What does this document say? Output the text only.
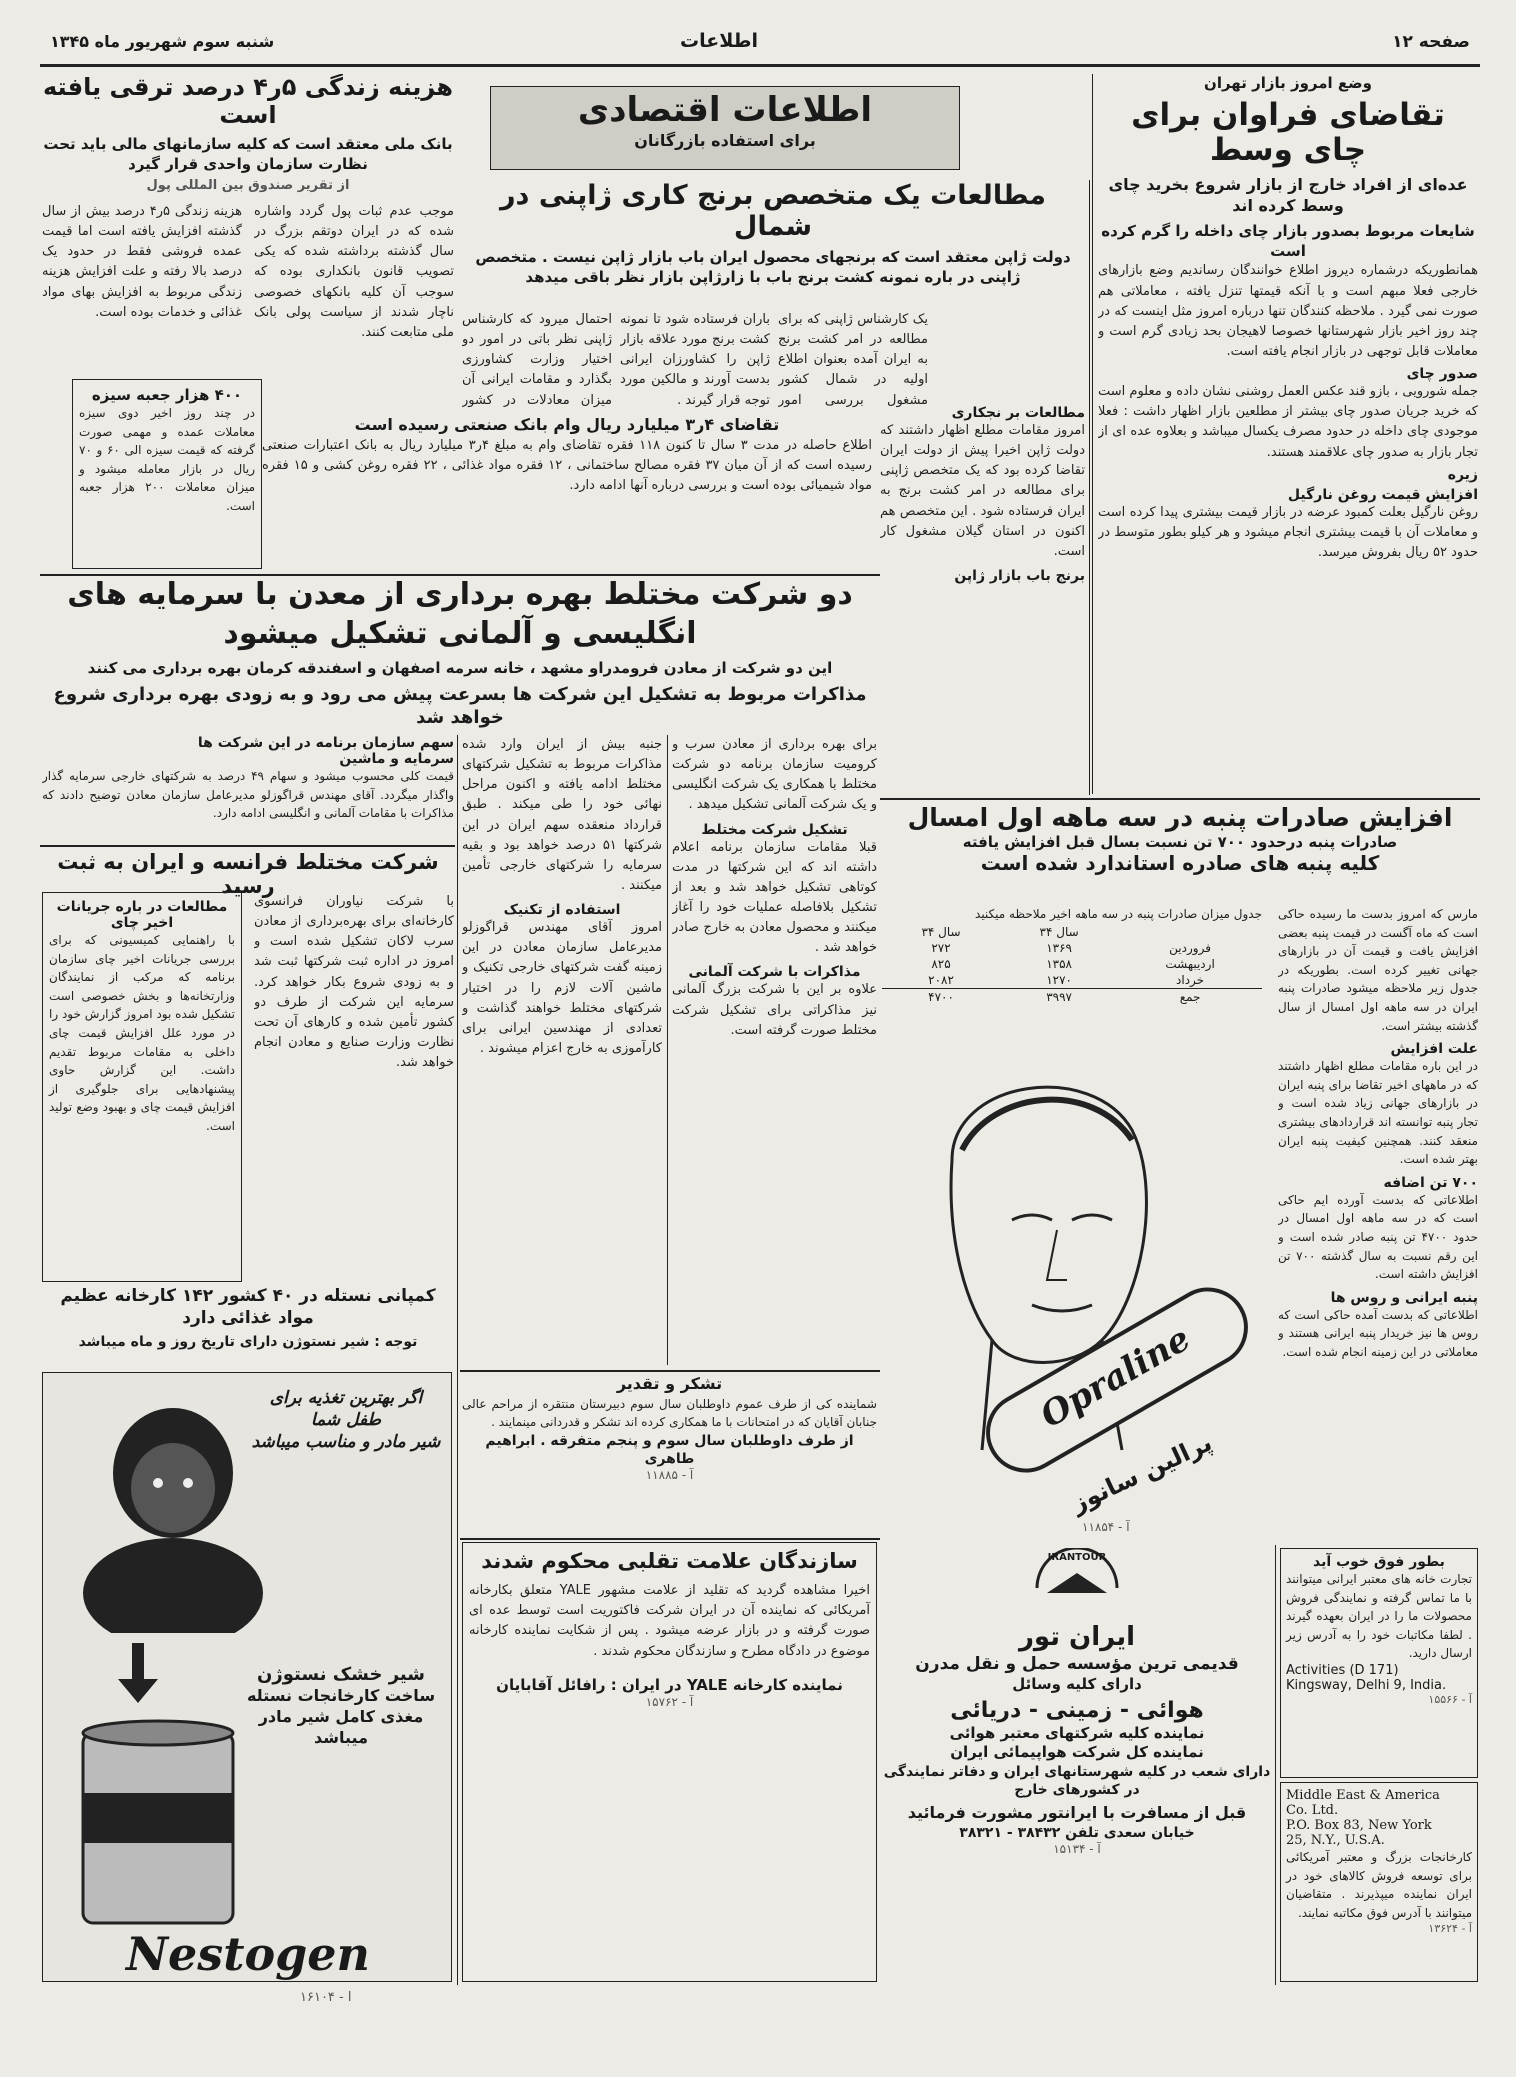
صفحه ۱۲
اطلاعات
شنبه سوم شهریور ماه ۱۳۴۵
وضع امروز بازار تهران
تقاضای فراوان برای چای وسط
عده‌ای از افراد خارج از بازار شروع بخرید چای وسط کرده اند
شایعات مربوط بصدور بازار چای داخله را گرم کرده است
همانطوریکه درشماره دیروز اطلاع خوانندگان رساندیم وضع بازارهای خارجی فعلا مبهم است و با آنکه قیمتها تنزل یافته ، معاملاتی هم صورت نمی گیرد . ملاحظه کنندگان تنها درباره امروز مثل اینست که در چند روز اخیر بازار شهرستانها خصوصا لاهیجان بحد زیادی گرم است و معاملات قابل توجهی در بازار انجام یافته است.
صدور چای
جمله شورویی ، بازو قند عکس العمل روشنی نشان داده و معلوم است که خرید جریان صدور چای بیشتر از مطلعین بازار اظهار داشت : فعلا موجودی چای داخله در حدود مصرف یکسال میباشد و بعلاوه عده ای از تجار بازار به صدور چای علاقمند هستند.
زیره
افزایش قیمت روغن نارگیل
روغن نارگیل بعلت کمبود عرضه در بازار قیمت بیشتری پیدا کرده است و معاملات آن با قیمت بیشتری انجام میشود و هر کیلو بطور متوسط در حدود ۵۲ ریال بفروش میرسد.
هزینه زندگی ۵ر۴ درصد ترقی یافته است
بانک ملی معتقد است که کلیه سازمانهای مالی باید تحت نظارت سازمان واحدی قرار گیرد
از تقریر صندوق بین المللی پول
موجب عدم ثبات پول گردد واشاره شده که در ایران دوتقم بزرگ در سال گذشته برداشته شده که یکی تصویب قانون بانکداری بوده که سوجب آن کلیه بانکهای خصوصی ناچار شدند از سیاست پولی بانک ملی متابعت کنند.
هزینه زندگی ۵ر۴ درصد بیش از سال گذشته افزایش یافته است اما قیمت عمده فروشی فقط در حدود یک درصد بالا رفته و علت افزایش هزینه زندگی مربوط به افزایش بهای مواد غذائی و خدمات بوده است.
۴۰۰ هزار جعبه سیزه
در چند روز اخیر دوی سیزه معاملات عمده و مهمی صورت گرفته که قیمت سیزه الی ۶۰ و ۷۰ ریال در بازار معامله میشود و میزان معاملات ۲۰۰ هزار جعبه است.
اطلاعات اقتصادی
برای استفاده بازرگانان
مطالعات یک متخصص برنج کاری ژاپنی در شمال
دولت ژاپن معتقد است که برنجهای محصول ایران باب بازار ژاپن نیست . متخصص ژاپنی در باره نمونه کشت برنج باب با زارژاپن بازار نظر باقی میدهد
احتمال میرود که کارشناس ژاپنی نظر باتی در امور دو اختیار وزارت کشاورزی بگذارد و مقامات ایرانی آن میزان معادلات در کشور
باران فرستاده شود تا نمونه کشت برنج مورد علاقه بازار ژاپن را کشاورزان ایرانی بدست آورند و مالکین مورد توجه قرار گیرند .
یک کارشناس ژاپنی که برای مطالعه در امر کشت برنج به ایران آمده بعنوان اطلاع اولیه در شمال کشور مشغول بررسی امور
مطالعات بر نجکاری
امروز مقامات مطلع اظهار داشتند که دولت ژاپن اخیرا پیش از دولت ایران تقاضا کرده بود که یک متخصص ژاپنی برای مطالعه در امر کشت برنج به ایران فرستاده شود . این متخصص هم اکنون در استان گیلان مشغول کار است.
برنج باب بازار ژاپن
تقاضای ۴ر۳ میلیارد ریال وام بانک صنعتی رسیده است
اطلاع حاصله در مدت ۳ سال تا کنون ۱۱۸ فقره تقاضای وام به مبلغ ۴ر۳ میلیارد ریال به بانک اعتبارات صنعتی رسیده است که از آن میان ۳۷ فقره مصالح ساختمانی ، ۱۲ فقره مواد غذائی ، ۲۲ فقره روغن کشی و ۱۵ فقره مواد شیمیائی بوده است و بررسی درباره آنها ادامه دارد.
دو شرکت مختلط بهره برداری از معدن با سرمایه های
انگلیسی و آلمانی تشکیل میشود
این دو شرکت از معادن فرومدراو مشهد ، خانه سرمه اصفهان و اسفندقه کرمان بهره برداری می کنند
مذاکرات مربوط به تشکیل این شرکت ها بسرعت پیش می رود و به زودی بهره برداری شروع خواهد شد
سهم سازمان برنامه در این شرکت ها
سرمایه و ماشین
قیمت کلی محسوب میشود و سهام ۴۹ درصد به شرکتهای خارجی سرمایه گذار واگذار میگردد. آقای مهندس قراگوزلو مدیرعامل سازمان معادن توضیح دادند که مذاکرات با مقامات آلمانی و انگلیسی ادامه دارد.
شرکت مختلط فرانسه و ایران به ثبت رسید
با شرکت نیاوران فرانسوی کارخانه‌ای برای بهره‌برداری از معادن سرب لاکان تشکیل شده است و امروز در اداره ثبت شرکتها ثبت شد و به زودی شروع بکار خواهد کرد. سرمایه این شرکت از طرف دو کشور تأمین شده و کارهای آن تحت نظارت وزارت صنایع و معادن انجام خواهد شد.
مطالعات در باره جریانات اخیر چای
با راهنمایی کمیسیونی که برای بررسی جریانات اخیر چای سازمان برنامه که مرکب از نمایندگان وزارتخانه‌ها و بخش خصوصی است تشکیل شده بود امروز گزارش خود را در مورد علل افزایش قیمت چای داخلی به مقامات مربوط تقدیم داشت. این گزارش حاوی پیشنهادهایی برای جلوگیری از افزایش قیمت چای و بهبود وضع تولید است.
کمپانی نستله در ۴۰ کشور ۱۴۲ کارخانه عظیم مواد غذائی دارد
توجه : شیر نستوژن دارای تاریخ روز و ماه میباشد
اگر بهترین تغذیه برای طفل شما
شیر مادر و مناسب میباشد
شیر خشک نستوژن
ساخت کارخانجات نستله
مغذی کامل شیر مادر میباشد
Nestogen
آ - ۱۶۱۰۴
جنبه بیش از ایران وارد شده مذاکرات مربوط به تشکیل شرکتهای مختلط ادامه یافته و اکنون مراحل نهائی خود را طی میکند . طبق قرارداد منعقده سهم ایران در این شرکتها ۵۱ درصد خواهد بود و بقیه سرمایه را شرکتهای خارجی تأمین میکنند .
استفاده از تکنیک
امروز آقای مهندس قراگوزلو مدیرعامل سازمان معادن در این زمینه گفت شرکتهای خارجی تکنیک و ماشین آلات لازم را در اختیار شرکتهای مختلط خواهند گذاشت و تعدادی از مهندسین ایرانی برای کارآموزی به خارج اعزام میشوند .
برای بهره برداری از معادن سرب و کرومیت سازمان برنامه دو شرکت مختلط با همکاری یک شرکت انگلیسی و یک شرکت آلمانی تشکیل میدهد .
تشکیل شرکت مختلط
قبلا مقامات سازمان برنامه اعلام داشته اند که این شرکتها در مدت کوتاهی تشکیل خواهد شد و بعد از تشکیل بلافاصله عملیات خود را آغاز میکنند و محصول معادن به خارج صادر خواهد شد .
مذاکرات با شرکت آلمانی
علاوه بر این با شرکت بزرگ آلمانی نیز مذاکراتی برای تشکیل شرکت مختلط صورت گرفته است.
تشکر و تقدیر
شماینده کی از طرف عموم داوطلبان سال سوم دبیرستان منتقره از مراحم عالی جنابان آقایان که در امتحانات با ما همکاری کرده اند تشکر و قدردانی مینمایند .
از طرف داوطلبان سال سوم و پنجم متفرقه . ابراهیم طاهری
آ - ۱۱۸۸۵
سازندگان علامت تقلبی محکوم شدند
اخیرا مشاهده گردید که تقلید از علامت مشهور YALE متعلق بکارخانه آمریکائی که نماینده آن در ایران شرکت فاکتوریت است توسط عده ای صورت گرفته و در بازار عرضه میشود . پس از شکایت نماینده کارخانه موضوع در دادگاه مطرح و سازندگان محکوم شدند .
نماینده کارخانه YALE در ایران : رافائل آقابایان
آ - ۱۵۷۶۲
افزایش صادرات پنبه در سه ماهه اول امسال
صادرات پنبه درحدود ۷۰۰ تن نسبت بسال قبل افزایش یافته
کلیه پنبه های صادره استاندارد شده است
جدول میزان صادرات پنبه در سه ماهه اخیر ملاحظه میکنید
	سال ۳۴	سال ۳۴
فروردین	۱۳۶۹	۲۷۲
اردیبهشت	۱۳۵۸	۸۲۵
خرداد	۱۲۷۰	۲۰۸۲
جمع	۳۹۹۷	۴۷۰۰
مارس که امروز بدست ما رسیده حاکی است که ماه آگست در قیمت پنبه بعضی افزایش یافت و قیمت آن در بازارهای جهانی تغییر کرده است. بطوریکه در جدول زیر ملاحظه میشود صادرات پنبه ایران در سه ماهه اول امسال از سال گذشته بیشتر است.
علت افزایش
در این باره مقامات مطلع اظهار داشتند که در ماههای اخیر تقاضا برای پنبه ایران در بازارهای جهانی زیاد شده است و تجار پنبه توانسته اند قراردادهای بیشتری منعقد کنند. همچنین کیفیت پنبه ایران بهتر شده است.
۷۰۰ تن اضافه
اطلاعاتی که بدست آورده ایم حاکی است که در سه ماهه اول امسال در حدود ۴۷۰۰ تن پنبه صادر شده است و این رقم نسبت به سال گذشته ۷۰۰ تن افزایش داشته است.
پنبه ایرانی و روس ها
اطلاعاتی که بدست آمده حاکی است که روس ها نیز خریدار پنبه ایرانی هستند و معاملاتی در این زمینه انجام شده است.
Opraline
پرالین سانوز
آ - ۱۱۸۵۴
IRANTOUR
ایران تور
قدیمی ترین مؤسسه حمل و نقل مدرن
دارای کلیه وسائل
هوائی - زمینی - دریائی
نماینده کلیه شرکتهای معتبر هوائی
نماینده کل شرکت هواپیمائی ایران
دارای شعب در کلیه شهرستانهای ایران و دفاتر نمایندگی در کشورهای خارج
قبل از مسافرت با ایرانتور مشورت فرمائید
خیابان سعدی تلفن ۳۸۴۳۲ - ۳۸۳۲۱
آ - ۱۵۱۳۴
بطور فوق خوب آید
تجارت خانه های معتبر ایرانی میتوانند با ما تماس گرفته و نمایندگی فروش محصولات ما را در ایران بعهده گیرند . لطفا مکاتبات خود را به آدرس زیر ارسال دارید.
Activities (D 171)
Kingsway, Delhi 9, India.
آ - ۱۵۵۶۶
Middle East & America
Co. Ltd.
P.O. Box 83, New York
25, N.Y., U.S.A.
کارخانجات بزرگ و معتبر آمریکائی برای توسعه فروش کالاهای خود در ایران نماینده میپذیرند . متقاضیان میتوانند با آدرس فوق مکاتبه نمایند.
آ - ۱۳۶۲۴
